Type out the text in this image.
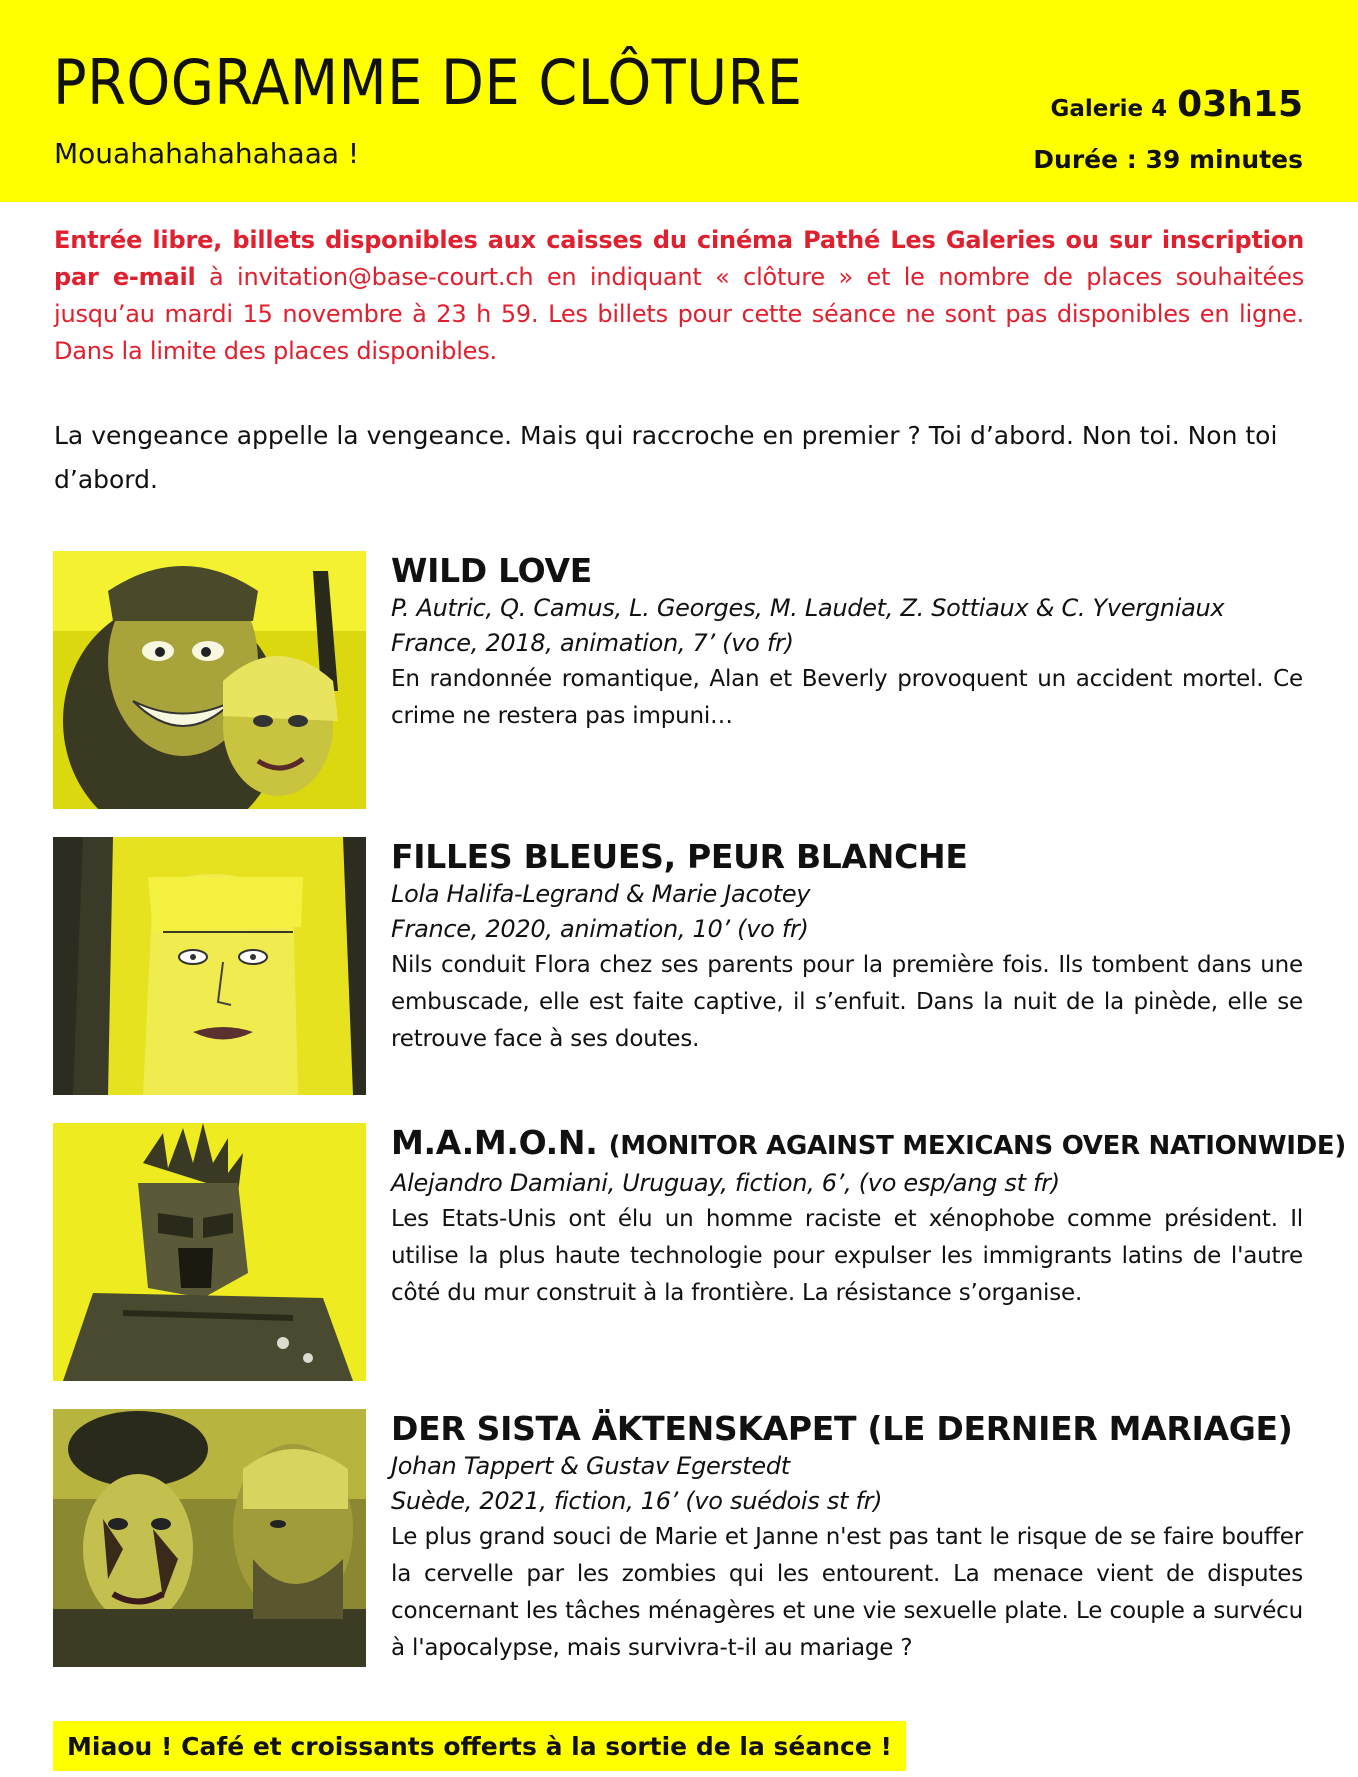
PROGRAMME DE CLÔTURE
Mouahahahahahaaa !
Galerie 4 03h15
Durée : 39 minutes

Entrée libre, billets disponibles aux caisses du cinéma Pathé Les Galeries ou sur inscription par e-mail à invitation@base-court.ch en indiquant « clôture » et le nombre de places souhaitées jusqu’au mardi 15 novembre à 23 h 59. Les billets pour cette séance ne sont pas disponibles en ligne. Dans la limite des places disponibles.

La vengeance appelle la vengeance. Mais qui raccroche en premier ? Toi d’abord. Non toi. Non toi d’abord.

WILD LOVE
P. Autric, Q. Camus, L. Georges, M. Laudet, Z. Sottiaux & C. Yvergniaux
France, 2018, animation, 7’ (vo fr)

En randonnée romantique, Alan et Beverly provoquent un accident mortel. Ce crime ne restera pas impuni…

FILLES BLEUES, PEUR BLANCHE
Lola Halifa-Legrand & Marie Jacotey
France, 2020, animation, 10’ (vo fr)

Nils conduit Flora chez ses parents pour la première fois. Ils tombent dans une embuscade, elle est faite captive, il s’enfuit. Dans la nuit de la pinède, elle se retrouve face à ses doutes.

M.A.M.O.N. (MONITOR AGAINST MEXICANS OVER NATIONWIDE)
Alejandro Damiani, Uruguay, fiction, 6’, (vo esp/ang st fr)

Les Etats-Unis ont élu un homme raciste et xénophobe comme président. Il utilise la plus haute technologie pour expulser les immigrants latins de l'autre côté du mur construit à la frontière. La résistance s’organise.

DER SISTA ÄKTENSKAPET (LE DERNIER MARIAGE)
Johan Tappert & Gustav Egerstedt
Suède, 2021, fiction, 16’ (vo suédois st fr)

Le plus grand souci de Marie et Janne n'est pas tant le risque de se faire bouffer la cervelle par les zombies qui les entourent. La menace vient de disputes concernant les tâches ménagères et une vie sexuelle plate. Le couple a survécu à l'apocalypse, mais survivra-t-il au mariage ?

Miaou ! Café et croissants offerts à la sortie de la séance !
